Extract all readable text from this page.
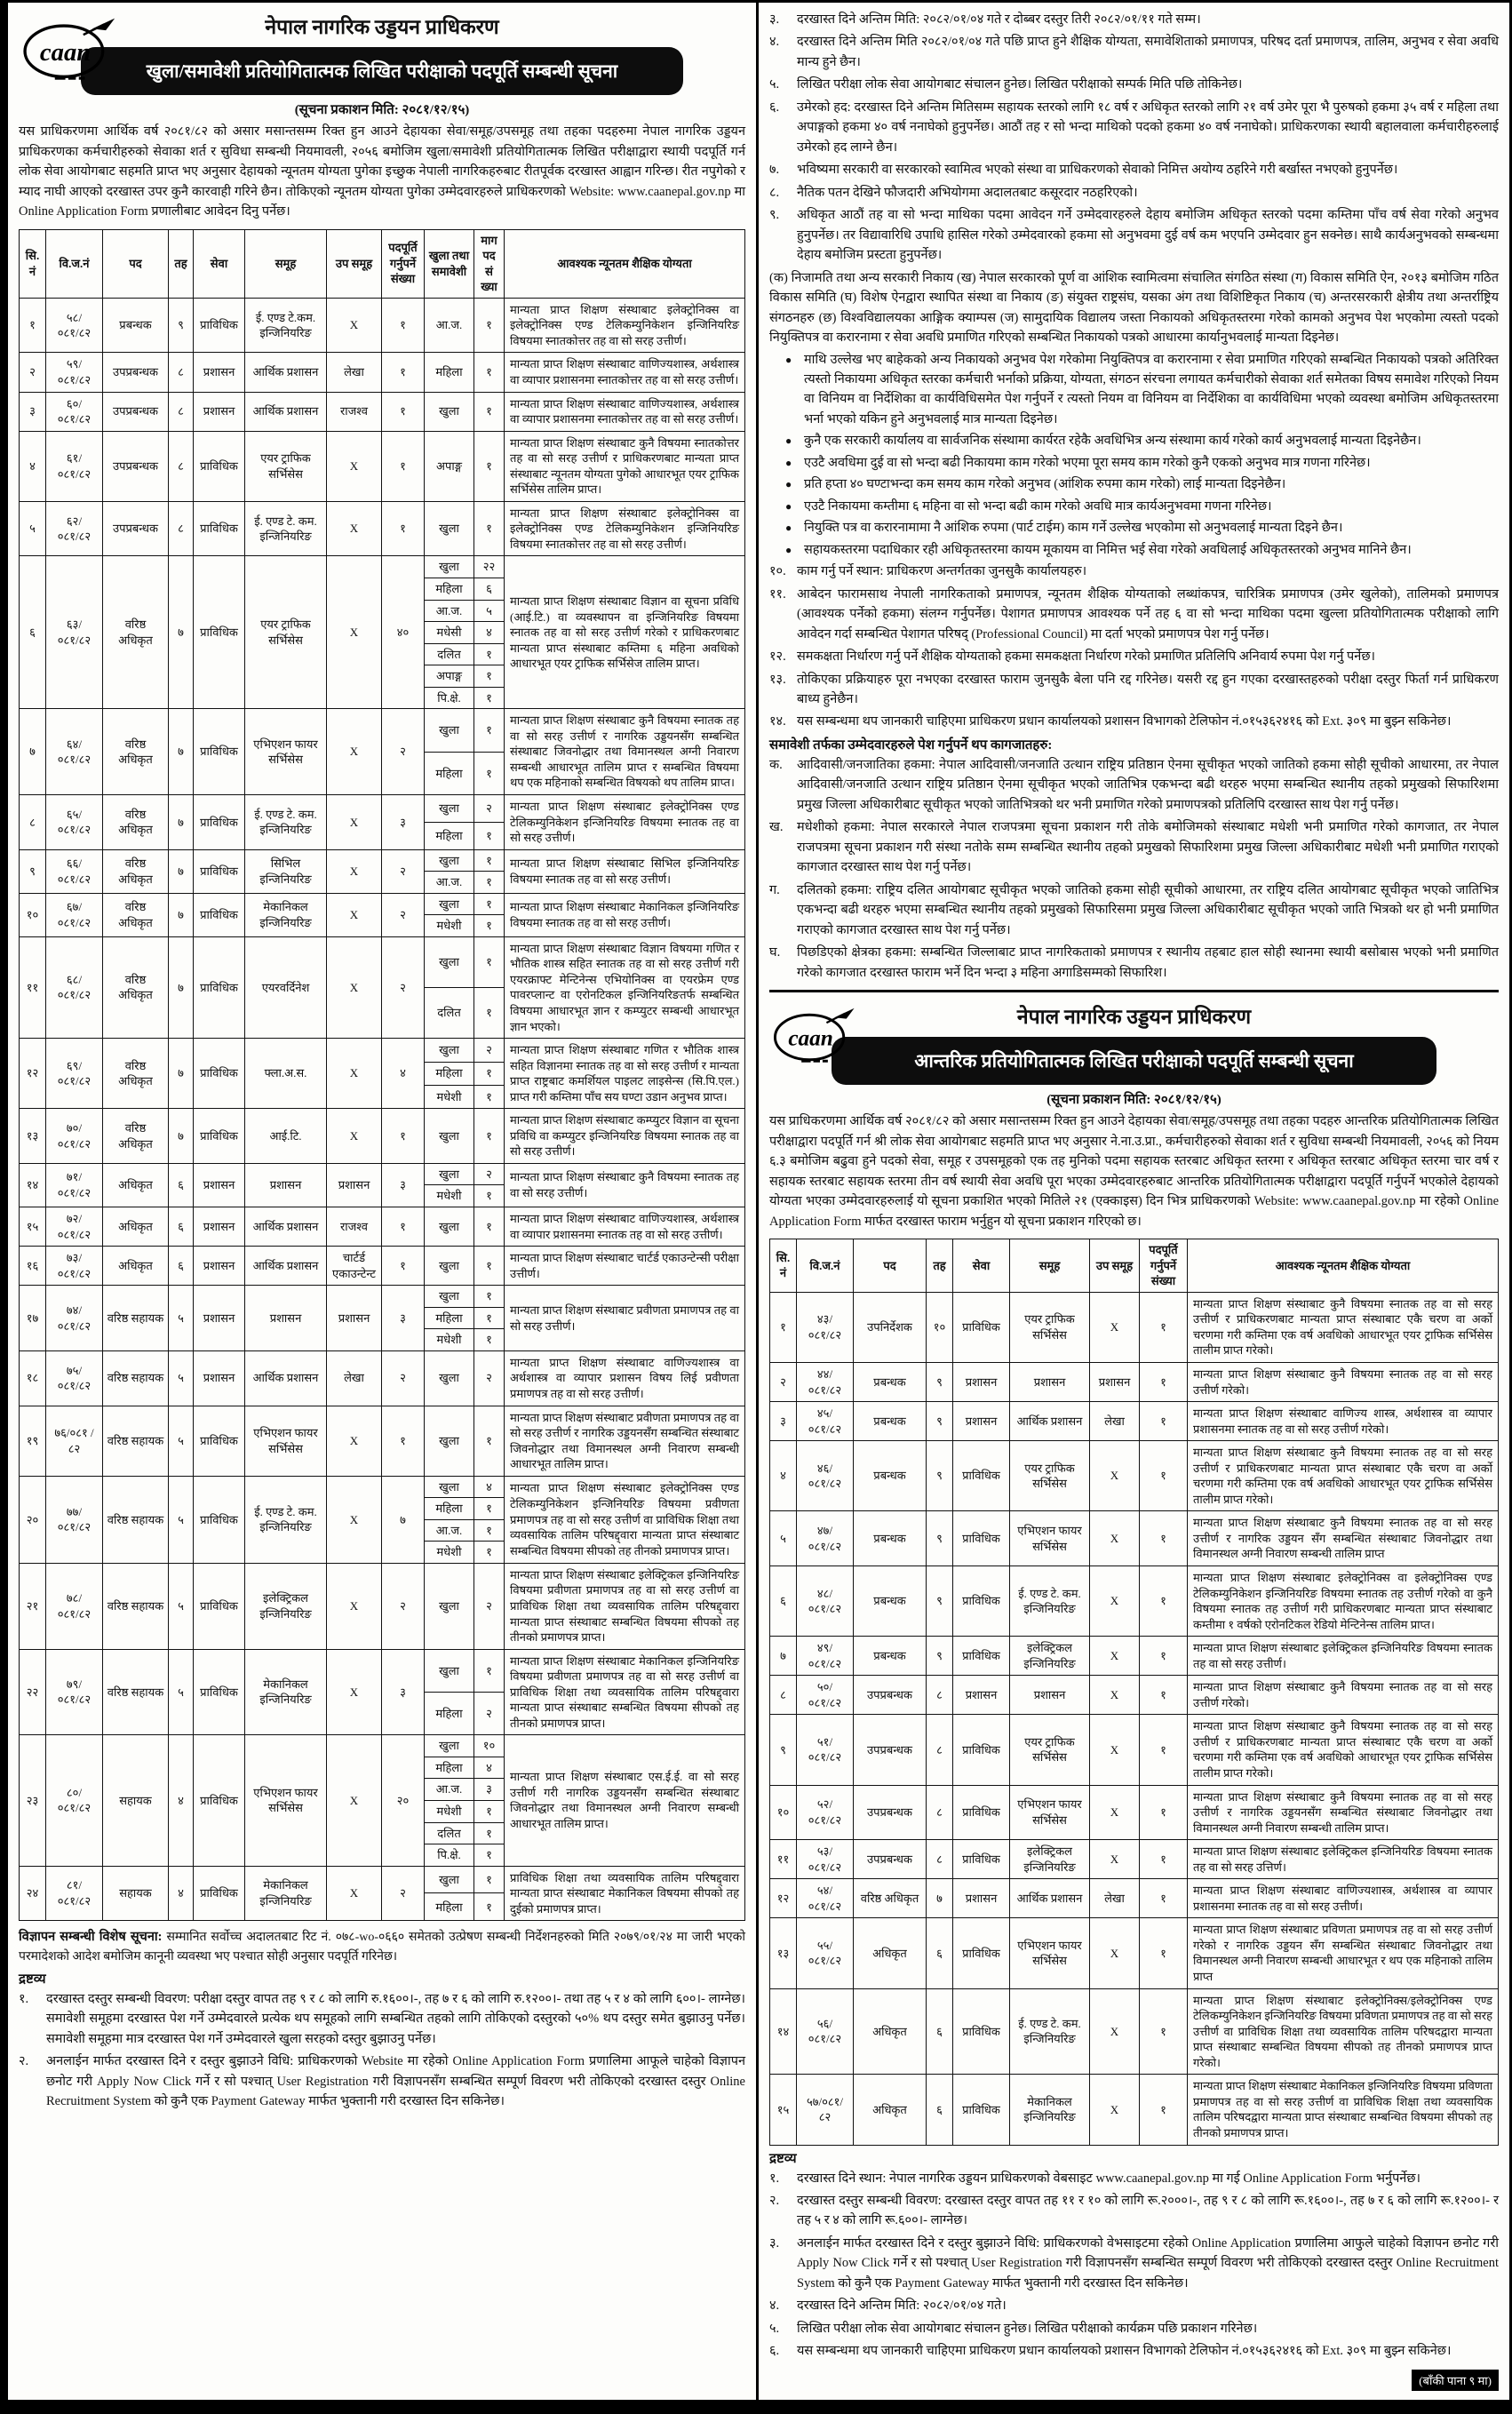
caan
नेपाल नागरिक उड्डयन प्राधिकरण
खुला/समावेशी प्रतियोगितात्मक लिखित परीक्षाको पदपूर्ति सम्बन्धी सूचना
(सूचना प्रकाशन मिति: २०८१/१२/१५)

यस प्राधिकरणमा आर्थिक वर्ष २०८१/८२ को असार मसान्तसम्म रिक्त हुन आउने देहायका सेवा/समूह/उपसमूह तथा तहका पदहरुमा नेपाल नागरिक उड्डयन प्राधिकरणका कर्मचारीहरुको सेवाका शर्त र सुविधा सम्बन्धी नियमावली, २०५६ बमोजिम खुला/समावेशी प्रतियोगितात्मक लिखित परीक्षाद्वारा स्थायी पदपूर्ति गर्न लोक सेवा आयोगबाट सहमति प्राप्त भए अनुसार देहायको न्यूनतम योग्यता पुगेका इच्छुक नेपाली नागरिकहरुबाट रीतपूर्वक दरखास्त आह्वान गरिन्छ। रीत नपुगेको र म्याद नाघी आएको दरखास्त उपर कुनै कारवाही गरिने छैन। तोकिएको न्यूनतम योग्यता पुगेका उम्मेदवारहरुले प्राधिकरणको Website: www.caanepal.gov.np मा Online Application Form प्रणालीबाट आवेदन दिनु पर्नेछ।

सि. नं	वि.ज.नं	पद	तह	सेवा	समूह	उप समूह	पदपूर्ति गर्नुपर्ने संख्या	खुला तथा समावेशी	माग पद संख्या	आवश्यक न्यूनतम शैक्षिक योग्यता
१	५८/ ०८१/८२	प्रबन्धक	९	प्राविधिक	ई. एण्ड टे.कम. इन्जिनियरिङ	X	१	आ.ज.	१	मान्यता प्राप्त शिक्षण संस्थाबाट इलेक्ट्रोनिक्स वा इलेक्ट्रोनिक्स एण्ड टेलिकम्युनिकेशन इन्जिनियरिङ विषयमा स्नातकोत्तर तह वा सो सरह उत्तीर्ण।
२	५९/ ०८१/८२	उपप्रबन्धक	८	प्रशासन	आर्थिक प्रशासन	लेखा	१	महिला	१	मान्यता प्राप्त शिक्षण संस्थाबाट वाणिज्यशास्त्र, अर्थशास्त्र वा व्यापार प्रशासनमा स्नातकोत्तर तह वा सो सरह उत्तीर्ण।
३	६०/ ०८१/८२	उपप्रबन्धक	८	प्रशासन	आर्थिक प्रशासन	राजश्व	१	खुला	१	मान्यता प्राप्त शिक्षण संस्थाबाट वाणिज्यशास्त्र, अर्थशास्त्र वा व्यापार प्रशासनमा स्नातकोत्तर तह वा सो सरह उत्तीर्ण।
४	६१/ ०८१/८२	उपप्रबन्धक	८	प्राविधिक	एयर ट्राफिक सर्भिसेस	X	१	अपाङ्ग	१	मान्यता प्राप्त शिक्षण संस्थाबाट कुनै विषयमा स्नातकोत्तर तह वा सो सरह उत्तीर्ण र प्राधिकरणबाट मान्यता प्राप्त संस्थाबाट न्यूनतम योग्यता पुगेको आधारभूत एयर ट्राफिक सर्भिसेस तालिम प्राप्त।
५	६२/ ०८१/८२	उपप्रबन्धक	८	प्राविधिक	ई. एण्ड टे. कम. इन्जिनियरिङ	X	१	खुला	१	मान्यता प्राप्त शिक्षण संस्थाबाट इलेक्ट्रोनिक्स वा इलेक्ट्रोनिक्स एण्ड टेलिकम्युनिकेशन इन्जिनियरिङ विषयमा स्नातकोत्तर तह वा सो सरह उत्तीर्ण।
६	६३/ ०८१/८२	वरिष्ठ अधिकृत	७	प्राविधिक	एयर ट्राफिक सर्भिसेस	X	४०	खुला	२२	मान्यता प्राप्त शिक्षण संस्थाबाट विज्ञान वा सूचना प्रविधि (आई.टि.) वा व्यवस्थापन वा इन्जिनियरिङ विषयमा स्नातक तह वा सो सरह उत्तीर्ण गरेको र प्राधिकरणबाट मान्यता प्राप्त संस्थाबाट कम्तिमा ६ महिना अवधिको आधारभूत एयर ट्राफिक सर्भिसेज तालिम प्राप्त।
								महिला	६	
								आ.ज.	५	
								मधेसी	४	
								दलित	१	
								अपाङ्ग	१	
								पि.क्षे.	१	
७	६४/ ०८१/८२	वरिष्ठ अधिकृत	७	प्राविधिक	एभिएशन फायर सर्भिसेस	X	२	खुला	१	मान्यता प्राप्त शिक्षण संस्थाबाट कुनै विषयमा स्नातक तह वा सो सरह उत्तीर्ण र नागरिक उड्डयनसँग सम्बन्धित संस्थाबाट जिवनोद्धार तथा विमानस्थल अग्नी निवारण सम्बन्धी आधारभूत तालिम प्राप्त र सम्बन्धित विषयमा थप एक महिनाको सम्बन्धित विषयको थप तालिम प्राप्त।
								महिला	१	
८	६५/ ०८१/८२	वरिष्ठ अधिकृत	७	प्राविधिक	ई. एण्ड टे. कम. इन्जिनियरिङ	X	३	खुला	२	मान्यता प्राप्त शिक्षण संस्थाबाट इलेक्ट्रोनिक्स एण्ड टेलिकम्युनिकेशन इन्जिनियरिङ विषयमा स्नातक तह वा सो सरह उत्तीर्ण।
								महिला	१	
९	६६/ ०८१/८२	वरिष्ठ अधिकृत	७	प्राविधिक	सिभिल इन्जिनियरिङ	X	२	खुला	१	मान्यता प्राप्त शिक्षण संस्थाबाट सिभिल इन्जिनियरिङ विषयमा स्नातक तह वा सो सरह उत्तीर्ण।
								आ.ज.	१	
१०	६७/ ०८१/८२	वरिष्ठ अधिकृत	७	प्राविधिक	मेकानिकल इन्जिनियरिङ	X	२	खुला	१	मान्यता प्राप्त शिक्षण संस्थाबाट मेकानिकल इन्जिनियरिङ विषयमा स्नातक तह वा सो सरह उत्तीर्ण।
								मधेशी	१	
११	६८/ ०८१/८२	वरिष्ठ अधिकृत	७	प्राविधिक	एयरवर्दिनेश	X	२	खुला	१	मान्यता प्राप्त शिक्षण संस्थाबाट विज्ञान विषयमा गणित र भौतिक शास्त्र सहित स्नातक तह वा सो सरह उत्तीर्ण गरी एयरक्राफ्ट मेन्टिनेन्स एभियोनिक्स वा एयरफ्रेम एण्ड पावरप्लान्ट वा एरोनटिकल इन्जिनियरिङतर्फ सम्बन्धित विषयमा आधारभूत ज्ञान र कम्प्युटर सम्बन्धी आधारभूत ज्ञान भएको।
								दलित	१	
१२	६९/ ०८१/८२	वरिष्ठ अधिकृत	७	प्राविधिक	फ्ला.अ.स.	X	४	खुला	२	मान्यता प्राप्त शिक्षण संस्थाबाट गणित र भौतिक शास्त्र सहित विज्ञानमा स्नातक तह वा सो सरह उत्तीर्ण र मान्यता प्राप्त राष्ट्रबाट कमर्शियल पाइलट लाइसेन्स (सि.पि.एल.) प्राप्त गरी कम्तिमा पाँच सय घण्टा उडान अनुभव प्राप्त।
								महिला	१	
								मधेशी	१	
१३	७०/ ०८१/८२	वरिष्ठ अधिकृत	७	प्राविधिक	आई.टि.	X	१	खुला	१	मान्यता प्राप्त शिक्षण संस्थाबाट कम्प्युटर विज्ञान वा सूचना प्रविधि वा कम्प्युटर इन्जिनियरिङ विषयमा स्नातक तह वा सो सरह उत्तीर्ण।
१४	७१/ ०८१/८२	अधिकृत	६	प्रशासन	प्रशासन	प्रशासन	३	खुला	२	मान्यता प्राप्त शिक्षण संस्थाबाट कुनै विषयमा स्नातक तह वा सो सरह उत्तीर्ण।
								मधेशी	१	
१५	७२/ ०८१/८२	अधिकृत	६	प्रशासन	आर्थिक प्रशासन	राजश्व	१	खुला	१	मान्यता प्राप्त शिक्षण संस्थाबाट वाणिज्यशास्त्र, अर्थशास्त्र वा व्यापार प्रशासनमा स्नातक तह वा सो सरह उत्तीर्ण।
१६	७३/ ०८१/८२	अधिकृत	६	प्रशासन	आर्थिक प्रशासन	चार्टर्ड एकाउन्टेन्ट	१	खुला	१	मान्यता प्राप्त शिक्षण संस्थाबाट चार्टर्ड एकाउन्टेन्सी परीक्षा उत्तीर्ण।
१७	७४/ ०८१/८२	वरिष्ठ सहायक	५	प्रशासन	प्रशासन	प्रशासन	३	खुला	१	मान्यता प्राप्त शिक्षण संस्थाबाट प्रवीणता प्रमाणपत्र तह वा सो सरह उत्तीर्ण।
								महिला	१	
								मधेशी	१	
१८	७५/ ०८१/८२	वरिष्ठ सहायक	५	प्रशासन	आर्थिक प्रशासन	लेखा	२	खुला	२	मान्यता प्राप्त शिक्षण संस्थाबाट वाणिज्यशास्त्र वा अर्थशास्त्र वा व्यापार प्रशासन विषय लिई प्रवीणता प्रमाणपत्र तह वा सो सरह उत्तीर्ण।
१९	७६/०८१ /८२	वरिष्ठ सहायक	५	प्राविधिक	एभिएशन फायर सर्भिसेस	X	१	खुला	१	मान्यता प्राप्त शिक्षण संस्थाबाट प्रवीणता प्रमाणपत्र तह वा सो सरह उत्तीर्ण र नागरिक उड्डयनसँग सम्बन्धित संस्थाबाट जिवनोद्धार तथा विमानस्थल अग्नी निवारण सम्बन्धी आधारभूत तालिम प्राप्त।
२०	७७/ ०८१/८२	वरिष्ठ सहायक	५	प्राविधिक	ई. एण्ड टे. कम. इन्जिनियरिङ	X	७	खुला	४	मान्यता प्राप्त शिक्षण संस्थाबाट इलेक्ट्रोनिक्स एण्ड टेलिकम्युनिकेशन इन्जिनियरिङ विषयमा प्रवीणता प्रमाणपत्र तह वा सो सरह उत्तीर्ण वा प्राविधिक शिक्षा तथा व्यवसायिक तालिम परिषद्द्वारा मान्यता प्राप्त संस्थाबाट सम्बन्धित विषयमा सीपको तह तीनको प्रमाणपत्र प्राप्त।
								महिला	१	
								आ.ज.	१	
								मधेशी	१	
२१	७८/ ०८१/८२	वरिष्ठ सहायक	५	प्राविधिक	इलेक्ट्रिकल इन्जिनियरिङ	X	२	खुला	२	मान्यता प्राप्त शिक्षण संस्थाबाट इलेक्ट्रिकल इन्जिनियरिङ विषयमा प्रवीणता प्रमाणपत्र तह वा सो सरह उत्तीर्ण वा प्राविधिक शिक्षा तथा व्यवसायिक तालिम परिषद्द्वारा मान्यता प्राप्त संस्थाबाट सम्बन्धित विषयमा सीपको तह तीनको प्रमाणपत्र प्राप्त।
२२	७९/ ०८१/८२	वरिष्ठ सहायक	५	प्राविधिक	मेकानिकल इन्जिनियरिङ	X	३	खुला	१	मान्यता प्राप्त शिक्षण संस्थाबाट मेकानिकल इन्जिनियरिङ विषयमा प्रवीणता प्रमाणपत्र तह वा सो सरह उत्तीर्ण वा प्राविधिक शिक्षा तथा व्यवसायिक तालिम परिषद्द्वारा मान्यता प्राप्त संस्थाबाट सम्बन्धित विषयमा सीपको तह तीनको प्रमाणपत्र प्राप्त।
								महिला	२	
२३	८०/ ०८१/८२	सहायक	४	प्राविधिक	एभिएशन फायर सर्भिसेस	X	२०	खुला	१०	मान्यता प्राप्त शिक्षण संस्थाबाट एस.ई.ई. वा सो सरह उत्तीर्ण गरी नागरिक उड्डयनसँग सम्बन्धित संस्थाबाट जिवनोद्धार तथा विमानस्थल अग्नी निवारण सम्बन्धी आधारभूत तालिम प्राप्त।
								महिला	४	
								आ.ज.	३	
								मधेशी	१	
								दलित	१	
								पि.क्षे.	१	
२४	८१/ ०८१/८२	सहायक	४	प्राविधिक	मेकानिकल इन्जिनियरिङ	X	२	खुला	१	प्राविधिक शिक्षा तथा व्यवसायिक तालिम परिषद्द्वारा मान्यता प्राप्त संस्थाबाट मेकानिकल विषयमा सीपको तह दुईको प्रमाणपत्र प्राप्त।
								महिला	१	

विज्ञापन सम्बन्धी विशेष सूचना: सम्मानित सर्वोच्च अदालतबाट रिट नं. ०७८-wo-०६६० समेतको उत्प्रेषण सम्बन्धी निर्देशनहरुको मिति २०७९/०१/२४ मा जारी भएको परमादेशको आदेश बमोजिम कानूनी व्यवस्था भए पश्चात सोही अनुसार पदपूर्ति गरिनेछ।

द्रष्टव्य
१.	दरखास्त दस्तुर सम्बन्धी विवरण: परीक्षा दस्तुर वापत तह ९ र ८ को लागि रु.१६००।-, तह ७ र ६ को लागि रु.१२००।- तथा तह ५ र ४ को लागि ६००।- लाग्नेछ। समावेशी समूहमा दरखास्त पेश गर्ने उम्मेदवारले प्रत्येक थप समूहको लागि सम्बन्धित तहको लागि तोकिएको दस्तुरको ५०% थप दस्तुर समेत बुझाउनु पर्नेछ। समावेशी समूहमा मात्र दरखास्त पेश गर्ने उम्मेदवारले खुला सरहको दस्तुर बुझाउनु पर्नेछ।
२.	अनलाईन मार्फत दरखास्त दिने र दस्तुर बुझाउने विधि: प्राधिकरणको Website मा रहेको Online Application Form प्रणालिमा आफूले चाहेको विज्ञापन छनोट गरी Apply Now Click गर्ने र सो पश्चात् User Registration गरी विज्ञापनसँग सम्बन्धित सम्पूर्ण विवरण भरी तोकिएको दरखास्त दस्तुर Online Recruitment System को कुनै एक Payment Gateway मार्फत भुक्तानी गरी दरखास्त दिन सकिनेछ।
३.	दरखास्त दिने अन्तिम मिति: २०८२/०१/०४ गते र दोब्बर दस्तुर तिरी २०८२/०१/११ गते सम्म।
४.	दरखास्त दिने अन्तिम मिति २०८२/०१/०४ गते पछि प्राप्त हुने शैक्षिक योग्यता, समावेशिताको प्रमाणपत्र, परिषद दर्ता प्रमाणपत्र, तालिम, अनुभव र सेवा अवधि मान्य हुने छैन।
५.	लिखित परीक्षा लोक सेवा आयोगबाट संचालन हुनेछ। लिखित परीक्षाको सम्पर्क मिति पछि तोकिनेछ।
६.	उमेरको हद: दरखास्त दिने अन्तिम मितिसम्म सहायक स्तरको लागि १८ वर्ष र अधिकृत स्तरको लागि २१ वर्ष उमेर पूरा भै पुरुषको हकमा ३५ वर्ष र महिला तथा अपाङ्गको हकमा ४० वर्ष ननाघेको हुनुपर्नेछ। आठौं तह र सो भन्दा माथिको पदको हकमा ४० वर्ष ननाघेको। प्राधिकरणका स्थायी बहालवाला कर्मचारीहरुलाई उमेरको हद लाग्ने छैन।
७.	भविष्यमा सरकारी वा सरकारको स्वामित्व भएको संस्था वा प्राधिकरणको सेवाको निमित्त अयोग्य ठहरिने गरी बर्खास्त नभएको हुनुपर्नेछ।
८.	नैतिक पतन देखिने फौजदारी अभियोगमा अदालतबाट कसूरदार नठहरिएको।
९.	अधिकृत आठौं तह वा सो भन्दा माथिका पदमा आवेदन गर्ने उम्मेदवारहरुले देहाय बमोजिम अधिकृत स्तरको पदमा कम्तिमा पाँच वर्ष सेवा गरेको अनुभव हुनुपर्नेछ। तर विद्यावारिधि उपाधि हासिल गरेको उम्मेदवारको हकमा सो अनुभवमा दुई वर्ष कम भएपनि उम्मेदवार हुन सक्नेछ। साथै कार्यअनुभवको सम्बन्धमा देहाय बमोजिम प्रस्टता हुनुपर्नेछ।

(क) निजामति तथा अन्य सरकारी निकाय (ख) नेपाल सरकारको पूर्ण वा आंशिक स्वामित्वमा संचालित संगठित संस्था (ग) विकास समिति ऐन, २०१३ बमोजिम गठित विकास समिति (घ) विशेष ऐनद्वारा स्थापित संस्था वा निकाय (ङ) संयुक्त राष्ट्रसंघ, यसका अंग तथा विशिष्टिकृत निकाय (च) अन्तरसरकारी क्षेत्रीय तथा अन्तर्राष्ट्रिय संगठनहरु (छ) विश्वविद्यालयका आङ्गिक क्याम्पस (ज) सामुदायिक विद्यालय जस्ता निकायको अधिकृतस्तरमा गरेको कामको अनुभव पेश भएकोमा त्यस्तो पदको नियुक्तिपत्र वा करारनामा र सेवा अवधि प्रमाणित गरिएको सम्बन्धित निकायको पत्रको आधारमा कार्यानुभवलाई मान्यता दिइनेछ।

● माथि उल्लेख भए बाहेकको अन्य निकायको अनुभव पेश गरेकोमा नियुक्तिपत्र वा करारनामा र सेवा प्रमाणित गरिएको सम्बन्धित निकायको पत्रको अतिरिक्त त्यस्तो निकायमा अधिकृत स्तरका कर्मचारी भर्नाको प्रक्रिया, योग्यता, संगठन संरचना लगायत कर्मचारीको सेवाका शर्त समेतका विषय समावेश गरिएको नियम वा विनियम वा निर्देशिका वा कार्यविधिसमेत पेश गर्नुपर्ने र त्यस्तो नियम वा विनियम वा निर्देशिका वा कार्यविधिमा भएको व्यवस्था बमोजिम अधिकृतस्तरमा भर्ना भएको यकिन हुने अनुभवलाई मात्र मान्यता दिइनेछ।
● कुनै एक सरकारी कार्यालय वा सार्वजनिक संस्थामा कार्यरत रहेकै अवधिभित्र अन्य संस्थामा कार्य गरेको कार्य अनुभवलाई मान्यता दिइनेछैन।
● एउटै अवधिमा दुई वा सो भन्दा बढी निकायमा काम गरेको भएमा पूरा समय काम गरेको कुनै एकको अनुभव मात्र गणना गरिनेछ।
● प्रति हप्ता ४० घण्टाभन्दा कम समय काम गरेको अनुभव (आंशिक रुपमा काम गरेको) लाई मान्यता दिइनेछैन।
● एउटै निकायमा कम्तीमा ६ महिना वा सो भन्दा बढी काम गरेको अवधि मात्र कार्यअनुभवमा गणना गरिनेछ।
● नियुक्ति पत्र वा करारनामामा नै आंशिक रुपमा (पार्ट टाईम) काम गर्ने उल्लेख भएकोमा सो अनुभवलाई मान्यता दिइने छैन।
● सहायकस्तरमा पदाधिकार रही अधिकृतस्तरमा कायम मूकायम वा निमित्त भई सेवा गरेको अवधिलाई अधिकृतस्तरको अनुभव मानिने छैन।
१०. काम गर्नु पर्ने स्थान: प्राधिकरण अन्तर्गतका जुनसुकै कार्यालयहरु।
११. आबेदन फारामसाथ नेपाली नागरिकताको प्रमाणपत्र, न्यूनतम शैक्षिक योग्यताको लब्धांकपत्र, चारित्रिक प्रमाणपत्र (उमेर खुलेको), तालिमको प्रमाणपत्र (आवश्यक पर्नेको हकमा) संलग्न गर्नुपर्नेछ। पेशागत प्रमाणपत्र आवश्यक पर्ने तह ६ वा सो भन्दा माथिका पदमा खुल्ला प्रतियोगितात्मक परीक्षाको लागि आवेदन गर्दा सम्बन्धित पेशागत परिषद् (Professional Council) मा दर्ता भएको प्रमाणपत्र पेश गर्नु पर्नेछ।
१२. समकक्षता निर्धारण गर्नु पर्ने शैक्षिक योग्यताको हकमा समकक्षता निर्धारण गरेको प्रमाणित प्रतिलिपि अनिवार्य रुपमा पेश गर्नु पर्नेछ।
१३. तोकिएका प्रक्रियाहरु पूरा नभएका दरखास्त फाराम जुनसुकै बेला पनि रद्द गरिनेछ। यसरी रद्द हुन गएका दरखास्तहरुको परीक्षा दस्तुर फिर्ता गर्न प्राधिकरण बाध्य हुनेछैन।
१४. यस सम्बन्धमा थप जानकारी चाहिएमा प्राधिकरण प्रधान कार्यालयको प्रशासन विभागको टेलिफोन नं.०१५३६२४१६ को Ext. ३०९ मा बुझ्न सकिनेछ।
समावेशी तर्फका उम्मेदवारहरुले पेश गर्नुपर्ने थप कागजातहरु:
क.	आदिवासी/जनजातिका हकमा: नेपाल आदिवासी/जनजाति उत्थान राष्ट्रिय प्रतिष्ठान ऐनमा सूचीकृत भएको जातिको हकमा सोही सूचीको आधारमा, तर नेपाल आदिवासी/जनजाति उत्थान राष्ट्रिय प्रतिष्ठान ऐनमा सूचीकृत भएको जातिभित्र एकभन्दा बढी थरहरु भएमा सम्बन्धित स्थानीय तहको प्रमुखको सिफारिशमा प्रमुख जिल्ला अधिकारीबाट सूचीकृत भएको जातिभित्रको थर भनी प्रमाणित गरेको प्रमाणपत्रको प्रतिलिपि दरखास्त साथ पेश गर्नु पर्नेछ।
ख.	मधेशीको हकमा: नेपाल सरकारले नेपाल राजपत्रमा सूचना प्रकाशन गरी तोके बमोजिमको संस्थाबाट मधेशी भनी प्रमाणित गरेको कागजात, तर नेपाल राजपत्रमा सूचना प्रकाशन गरी संस्था नतोके सम्म सम्बन्धित स्थानीय तहको प्रमुखको सिफारिशमा प्रमुख जिल्ला अधिकारीबाट मधेशी भनी प्रमाणित गराएको कागजात दरखास्त साथ पेश गर्नु पर्नेछ।
ग.	दलितको हकमा: राष्ट्रिय दलित आयोगबाट सूचीकृत भएको जातिको हकमा सोही सूचीको आधारमा, तर राष्ट्रिय दलित आयोगबाट सूचीकृत भएको जातिभित्र एकभन्दा बढी थरहरु भएमा सम्बन्धित स्थानीय तहको प्रमुखको सिफारिसमा प्रमुख जिल्ला अधिकारीबाट सूचीकृत भएको जाति भित्रको थर हो भनी प्रमाणित गराएको कागजात दरखास्त साथ पेश गर्नु पर्नेछ।
घ.	पिछडिएको क्षेत्रका हकमा: सम्बन्धित जिल्लाबाट प्राप्त नागरिकताको प्रमाणपत्र र स्थानीय तहबाट हाल सोही स्थानमा स्थायी बसोबास भएको भनी प्रमाणित गरेको कागजात दरखास्त फाराम भर्ने दिन भन्दा ३ महिना अगाडिसम्मको सिफारिश।
caan
नेपाल नागरिक उड्डयन प्राधिकरण
आन्तरिक प्रतियोगितात्मक लिखित परीक्षाको पदपूर्ति सम्बन्धी सूचना
(सूचना प्रकाशन मिति: २०८१/१२/१५)

यस प्राधिकरणमा आर्थिक वर्ष २०८१/८२ को असार मसान्तसम्म रिक्त हुन आउने देहायका सेवा/समूह/उपसमूह तथा तहका पदहरु आन्तरिक प्रतियोगितात्मक लिखित परीक्षाद्वारा पदपूर्ति गर्न श्री लोक सेवा आयोगबाट सहमति प्राप्त भए अनुसार ने.ना.उ.प्रा., कर्मचारीहरुको सेवाका शर्त र सुविधा सम्बन्धी नियमावली, २०५६ को नियम ६.३ बमोजिम बढुवा हुने पदको सेवा, समूह र उपसमूहको एक तह मुनिको पदमा सहायक स्तरबाट अधिकृत स्तरमा र अधिकृत स्तरबाट अधिकृत स्तरमा चार वर्ष र सहायक स्तरबाट सहायक स्तरमा तीन वर्ष स्थायी सेवा अवधि पूरा भएका उम्मेदवारहरुबाट आन्तरिक प्रतियोगितात्मक परीक्षाद्वारा पदपूर्ति गर्नुपर्ने भएकोले देहायको योग्यता भएका उम्मेदवारहरुलाई यो सूचना प्रकाशित भएको मितिले २१ (एक्काइस) दिन भित्र प्राधिकरणको Website: www.caanepal.gov.np मा रहेको Online Application Form मार्फत दरखास्त फाराम भर्नुहुन यो सूचना प्रकाशन गरिएको छ।

सि. नं	वि.ज.नं	पद	तह	सेवा	समूह	उप समूह	पदपूर्ति गर्नुपर्ने संख्या	आवश्यक न्यूनतम शैक्षिक योग्यता
१	४३/ ०८१/८२	उपनिर्देशक	१०	प्राविधिक	एयर ट्राफिक सर्भिसेस	X	१	मान्यता प्राप्त शिक्षण संस्थाबाट कुनै विषयमा स्नातक तह वा सो सरह उत्तीर्ण र प्राधिकरणबाट मान्यता प्राप्त संस्थाबाट एकै चरण वा अर्को चरणमा गरी कम्तिमा एक वर्ष अवधिको आधारभूत एयर ट्राफिक सर्भिसेस तालीम प्राप्त गरेको।
२	४४/ ०८१/८२	प्रबन्धक	९	प्रशासन	प्रशासन	प्रशासन	१	मान्यता प्राप्त शिक्षण संस्थाबाट कुनै विषयमा स्नातक तह वा सो सरह उत्तीर्ण गरेको।
३	४५/ ०८१/८२	प्रबन्धक	९	प्रशासन	आर्थिक प्रशासन	लेखा	१	मान्यता प्राप्त शिक्षण संस्थाबाट वाणिज्य शास्त्र, अर्थशास्त्र वा व्यापार प्रशासनमा स्नातक तह वा सो सरह उत्तीर्ण गरेको।
४	४६/ ०८१/८२	प्रबन्धक	९	प्राविधिक	एयर ट्राफिक सर्भिसेस	X	१	मान्यता प्राप्त शिक्षण संस्थाबाट कुनै विषयमा स्नातक तह वा सो सरह उत्तीर्ण र प्राधिकरणबाट मान्यता प्राप्त संस्थाबाट एकै चरण वा अर्को चरणमा गरी कम्तिमा एक वर्ष अवधिको आधारभूत एयर ट्राफिक सर्भिसेस तालीम प्राप्त गरेको।
५	४७/ ०८१/८२	प्रबन्धक	९	प्राविधिक	एभिएशन फायर सर्भिसेस	X	१	मान्यता प्राप्त शिक्षण संस्थाबाट कुनै विषयमा स्नातक तह वा सो सरह उत्तीर्ण र नागरिक उड्डयन सँग सम्बन्धित संस्थाबाट जिवनोद्धार तथा विमानस्थल अग्नी निवारण सम्बन्धी तालिम प्राप्त
६	४८/ ०८१/८२	प्रबन्धक	९	प्राविधिक	ई. एण्ड टे. कम. इन्जिनियरिङ	X	१	मान्यता प्राप्त शिक्षण संस्थाबाट इलेक्ट्रोनिक्स वा इलेक्ट्रोनिक्स एण्ड टेलिकम्युनिकेशन इन्जिनियरिङ विषयमा स्नातक तह उत्तीर्ण गरेको वा कुनै विषयमा स्नातक तह उत्तीर्ण गरी प्राधिकरणबाट मान्यता प्राप्त संस्थाबाट कम्तीमा १ वर्षको एरोनटिकल रेडियो मेन्टिनेन्स तालिम प्राप्त।
७	४९/ ०८१/८२	प्रबन्धक	९	प्राविधिक	इलेक्ट्रिकल इन्जिनियरिङ	X	१	मान्यता प्राप्त शिक्षण संस्थाबाट इलेक्ट्रिकल इन्जिनियरिङ विषयमा स्नातक तह वा सो सरह उत्तीर्ण।
८	५०/ ०८१/८२	उपप्रबन्धक	८	प्रशासन	प्रशासन	X	१	मान्यता प्राप्त शिक्षण संस्थाबाट कुनै विषयमा स्नातक तह वा सो सरह उत्तीर्ण गरेको।
९	५१/ ०८१/८२	उपप्रबन्धक	८	प्राविधिक	एयर ट्राफिक सर्भिसेस	X	१	मान्यता प्राप्त शिक्षण संस्थाबाट कुनै विषयमा स्नातक तह वा सो सरह उत्तीर्ण र प्राधिकरणबाट मान्यता प्राप्त संस्थाबाट एकै चरण वा अर्को चरणमा गरी कम्तिमा एक वर्ष अवधिको आधारभूत एयर ट्राफिक सर्भिसेस तालीम प्राप्त गरेको।
१०	५२/ ०८१/८२	उपप्रबन्धक	८	प्राविधिक	एभिएशन फायर सर्भिसेस	X	१	मान्यता प्राप्त शिक्षण संस्थाबाट कुनै विषयमा स्नातक तह वा सो सरह उत्तीर्ण र नागरिक उड्डयनसँग सम्बन्धित संस्थाबाट जिवनोद्धार तथा विमानस्थल अग्नी निवारण सम्बन्धी तालिम प्राप्त।
११	५३/ ०८१/८२	उपप्रबन्धक	८	प्राविधिक	इलेक्ट्रिकल इन्जिनियरिङ	X	१	मान्यता प्राप्त शिक्षण संस्थाबाट इलेक्ट्रिकल इन्जिनियरिङ विषयमा स्नातक तह वा सो सरह उत्तिर्ण।
१२	५४/ ०८१/८२	वरिष्ठ अधिकृत	७	प्रशासन	आर्थिक प्रशासन	लेखा	१	मान्यता प्राप्त शिक्षण संस्थाबाट वाणिज्यशास्त्र, अर्थशास्त्र वा व्यापार प्रशासनमा स्नातक तह वा सो सरह उत्तीर्ण।
१३	५५/ ०८१/८२	अधिकृत	६	प्राविधिक	एभिएशन फायर सर्भिसेस	X	१	मान्यता प्राप्त शिक्षण संस्थाबाट प्रविणता प्रमाणपत्र तह वा सो सरह उत्तीर्ण गरेको र नागरिक उड्डयन सँग सम्बन्धित संस्थाबाट जिवनोद्धार तथा विमानस्थल अग्नी निवारण सम्बन्धी आधारभूत र थप एक महिनाको तालिम प्राप्त
१४	५६/ ०८१/८२	अधिकृत	६	प्राविधिक	ई. एण्ड टे. कम. इन्जिनियरिङ	X	१	मान्यता प्राप्त शिक्षण संस्थाबाट इलेक्ट्रोनिक्स/इलेक्ट्रोनिक्स एण्ड टेलिकम्युनिकेशन इन्जिनियरिङ विषयमा प्रविणता प्रमाणपत्र तह वा सो सरह उत्तीर्ण वा प्राविधिक शिक्षा तथा व्यवसायिक तालिम परिषदद्वारा मान्यता प्राप्त संस्थाबाट सम्बन्धित विषयमा सीपको तह तीनको प्रमाणपत्र प्राप्त गरेको।
१५	५७/०८१/ ८२	अधिकृत	६	प्राविधिक	मेकानिकल इन्जिनियरिङ	X	१	मान्यता प्राप्त शिक्षण संस्थाबाट मेकानिकल इन्जिनियरिङ विषयमा प्रविणता प्रमाणपत्र तह वा सो सरह उत्तीर्ण वा प्राविधिक शिक्षा तथा व्यवसायिक तालिम परिषदद्वारा मान्यता प्राप्त संस्थाबाट सम्बन्धित विषयमा सीपको तह तीनको प्रमाणपत्र प्राप्त।
द्रष्टव्य
१.	दरखास्त दिने स्थान: नेपाल नागरिक उड्डयन प्राधिकरणको वेबसाइट www.caanepal.gov.np मा गई Online Application Form भर्नुपर्नेछ।
२.	दरखास्त दस्तुर सम्बन्धी विवरण: दरखास्त दस्तुर वापत तह ११ र १० को लागि रू.२०००।-, तह ९ र ८ को लागि रू.१६००।-, तह ७ र ६ को लागि रू.१२००।- र तह ५ र ४ को लागि रू.६००।- लाग्नेछ।
३.	अनलाईन मार्फत दरखास्त दिने र दस्तुर बुझाउने विधि: प्राधिकरणको वेभसाइटमा रहेको Online Application प्रणालिमा आफुले चाहेको विज्ञापन छनोट गरी Apply Now Click गर्ने र सो पश्चात् User Registration गरी विज्ञापनसँग सम्बन्धित सम्पूर्ण विवरण भरी तोकिएको दरखास्त दस्तुर Online Recruitment System को कुनै एक Payment Gateway मार्फत भुक्तानी गरी दरखास्त दिन सकिनेछ।
४.	दरखास्त दिने अन्तिम मिति: २०८२/०१/०४ गते।
५.	लिखित परीक्षा लोक सेवा आयोगबाट संचालन हुनेछ। लिखित परीक्षाको कार्यक्रम पछि प्रकाशन गरिनेछ।
६.	यस सम्बन्धमा थप जानकारी चाहिएमा प्राधिकरण प्रधान कार्यालयको प्रशासन विभागको टेलिफोन नं.०१५३६२४१६ को Ext. ३०९ मा बुझ्न सकिनेछ।
(बाँकी पाना ९ मा)
